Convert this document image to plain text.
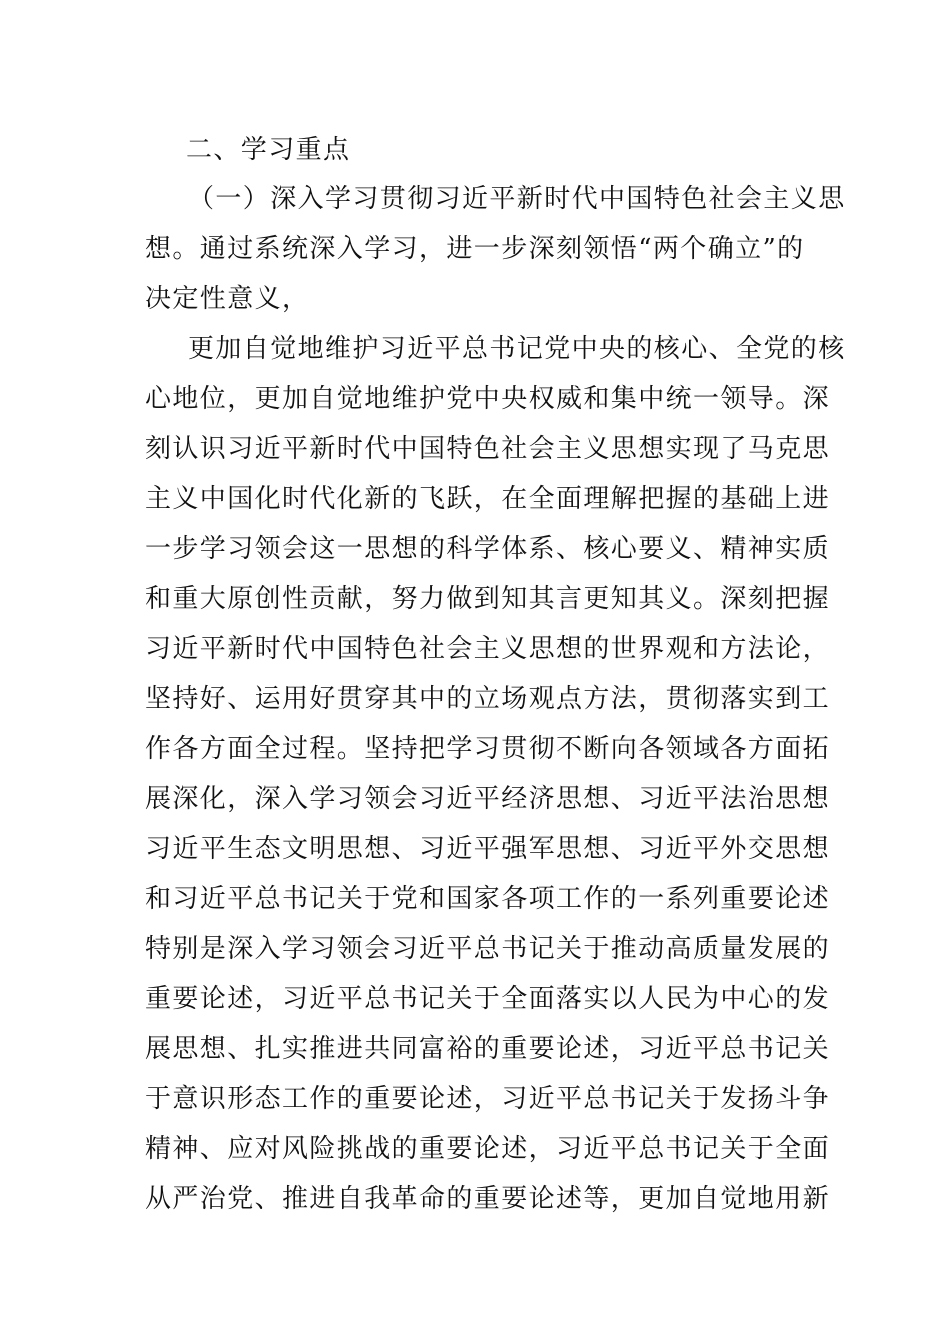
二、学习重点
（一）深入学习贯彻习近平新时代中国特色社会主义思
想。通过系统深入学习，进一步深刻领悟“两个确立”的
决定性意义，
更加自觉地维护习近平总书记党中央的核心、全党的核
心地位，更加自觉地维护党中央权威和集中统一领导。深
刻认识习近平新时代中国特色社会主义思想实现了马克思
主义中国化时代化新的飞跃，在全面理解把握的基础上进
一步学习领会这一思想的科学体系、核心要义、精神实质
和重大原创性贡献，努力做到知其言更知其义。深刻把握
习近平新时代中国特色社会主义思想的世界观和方法论，
坚持好、运用好贯穿其中的立场观点方法，贯彻落实到工
作各方面全过程。坚持把学习贯彻不断向各领域各方面拓
展深化，深入学习领会习近平经济思想、习近平法治思想
习近平生态文明思想、习近平强军思想、习近平外交思想
和习近平总书记关于党和国家各项工作的一系列重要论述
特别是深入学习领会习近平总书记关于推动高质量发展的
重要论述，习近平总书记关于全面落实以人民为中心的发
展思想、扎实推进共同富裕的重要论述，习近平总书记关
于意识形态工作的重要论述，习近平总书记关于发扬斗争
精神、应对风险挑战的重要论述，习近平总书记关于全面
从严治党、推进自我革命的重要论述等，更加自觉地用新
